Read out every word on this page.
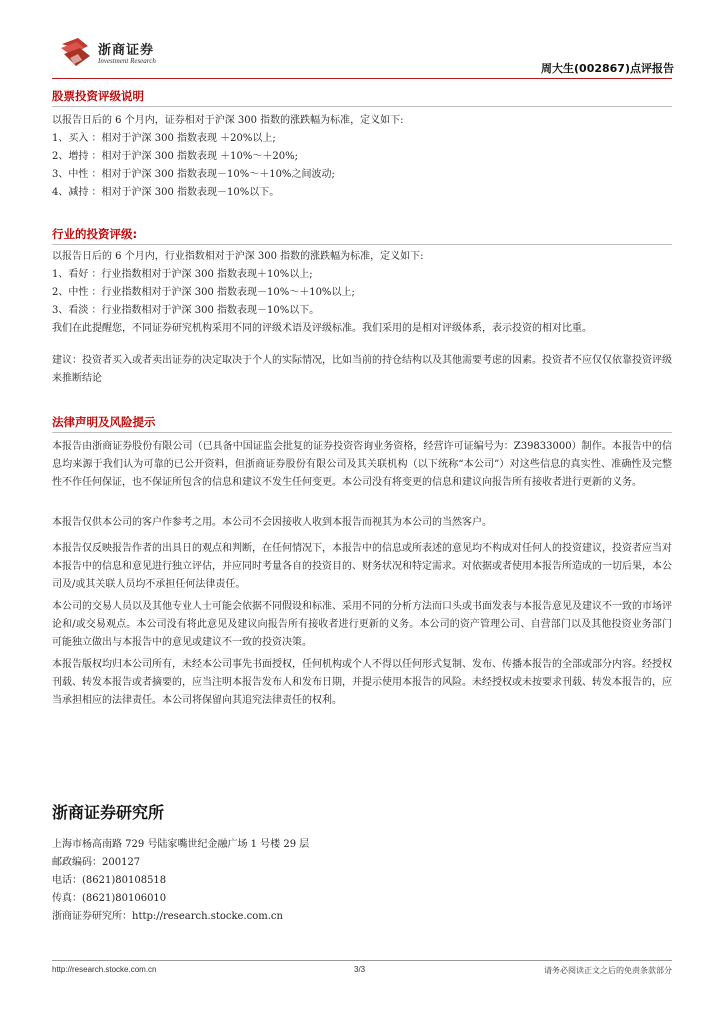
浙商证券
Investment Research
周大生(002867)点评报告
股票投资评级说明
以报告日后的 6 个月内，证券相对于沪深 300 指数的涨跌幅为标准，定义如下:
1、买入 ：相对于沪深 300 指数表现 ＋20%以上;
2、增持 ：相对于沪深 300 指数表现 ＋10%～＋20%;
3、中性 ：相对于沪深 300 指数表现－10%～＋10%之间波动;
4、减持 ：相对于沪深 300 指数表现－10%以下。
行业的投资评级:
以报告日后的 6 个月内，行业指数相对于沪深 300 指数的涨跌幅为标准，定义如下:
1、看好 ：行业指数相对于沪深 300 指数表现＋10%以上;
2、中性 ：行业指数相对于沪深 300 指数表现－10%～＋10%以上;
3、看淡 ：行业指数相对于沪深 300 指数表现－10%以下。
我们在此提醒您，不同证券研究机构采用不同的评级术语及评级标准。我们采用的是相对评级体系，表示投资的相对比重。
建议：投资者买入或者卖出证券的决定取决于个人的实际情况，比如当前的持仓结构以及其他需要考虑的因素。投资者不应仅仅依靠投资评级来推断结论
法律声明及风险提示
本报告由浙商证券股份有限公司（已具备中国证监会批复的证券投资咨询业务资格，经营许可证编号为：Z39833000）制作。本报告中的信息均来源于我们认为可靠的已公开资料，但浙商证券股份有限公司及其关联机构（以下统称“本公司”）对这些信息的真实性、准确性及完整性不作任何保证，也不保证所包含的信息和建议不发生任何变更。本公司没有将变更的信息和建议向报告所有接收者进行更新的义务。
本报告仅供本公司的客户作参考之用。本公司不会因接收人收到本报告而视其为本公司的当然客户。
本报告仅反映报告作者的出具日的观点和判断，在任何情况下，本报告中的信息或所表述的意见均不构成对任何人的投资建议，投资者应当对本报告中的信息和意见进行独立评估，并应同时考量各自的投资目的、财务状况和特定需求。对依据或者使用本报告所造成的一切后果，本公司及/或其关联人员均不承担任何法律责任。
本公司的交易人员以及其他专业人士可能会依据不同假设和标准、采用不同的分析方法而口头或书面发表与本报告意见及建议不一致的市场评论和/或交易观点。本公司没有将此意见及建议向报告所有接收者进行更新的义务。本公司的资产管理公司、自营部门以及其他投资业务部门可能独立做出与本报告中的意见或建议不一致的投资决策。
本报告版权均归本公司所有，未经本公司事先书面授权，任何机构或个人不得以任何形式复制、发布、传播本报告的全部或部分内容。经授权刊载、转发本报告或者摘要的，应当注明本报告发布人和发布日期，并提示使用本报告的风险。未经授权或未按要求刊载、转发本报告的，应当承担相应的法律责任。本公司将保留向其追究法律责任的权利。
浙商证券研究所
上海市杨高南路 729 号陆家嘴世纪金融广场 1 号楼 29 层
邮政编码：200127
电话：(8621)80108518
传真：(8621)80106010
浙商证券研究所：http://research.stocke.com.cn
http://research.stocke.com.cn	3/3	请务必阅读正文之后的免责条款部分
